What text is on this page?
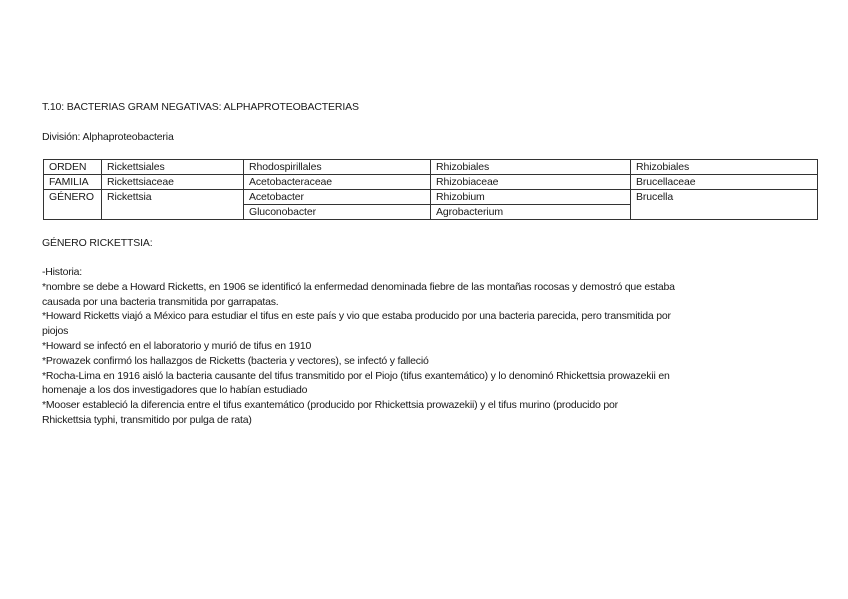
T.10: BACTERIAS GRAM NEGATIVAS: ALPHAPROTEOBACTERIAS
División: Alphaproteobacteria
ORDEN	Rickettsiales	Rhodospirillales	Rhizobiales	Rhizobiales
FAMILIA	Rickettsiaceae	Acetobacteraceae	Rhizobiaceae	Brucellaceae
GÉNERO	Rickettsia	Acetobacter	Rhizobium	Brucella
		Gluconobacter	Agrobacterium	
GÉNERO RICKETTSIA:
-Historia:
*nombre se debe a Howard Ricketts, en 1906 se identificó la enfermedad denominada fiebre de las montañas rocosas y demostró que estaba
causada por una bacteria transmitida por garrapatas.
*Howard Ricketts viajó a México para estudiar el tifus en este país y vio que estaba producido por una bacteria parecida, pero transmitida por
piojos
*Howard se infectó en el laboratorio y murió de tifus en 1910
*Prowazek confirmó los hallazgos de Ricketts (bacteria y vectores), se infectó y falleció
*Rocha-Lima en 1916 aisló la bacteria causante del tifus transmitido por el Piojo (tifus exantemático) y lo denominó Rhickettsia prowazekii en
homenaje a los dos investigadores que lo habían estudiado
*Mooser estableció la diferencia entre el tifus exantemático (producido por Rhickettsia prowazekii) y el tifus murino (producido por
Rhickettsia typhi, transmitido por pulga de rata)
